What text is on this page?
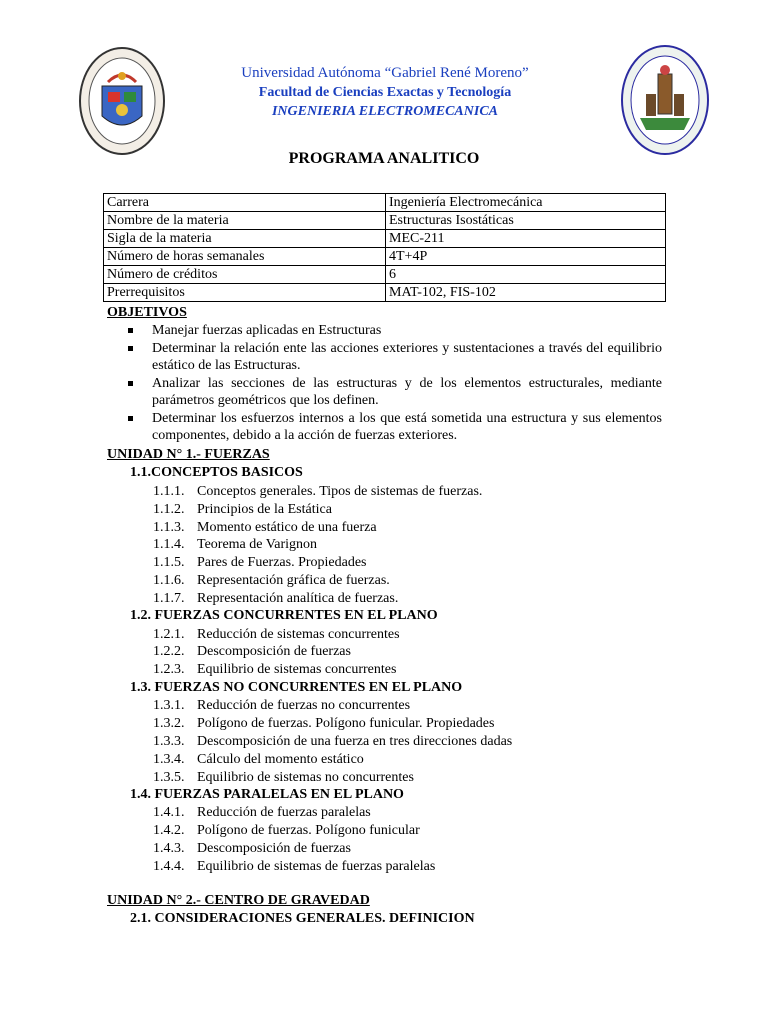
Universidad Autónoma “Gabriel René Moreno”
Facultad de Ciencias Exactas y Tecnología
INGENIERIA ELECTROMECANICA
PROGRAMA ANALITICO
Carrera	Ingeniería Electromecánica
Nombre de la materia	Estructuras Isostáticas
Sigla de la materia	MEC-211
Número de horas semanales	4T+4P
Número de créditos	6
Prerrequisitos	MAT-102, FIS-102
OBJETIVOS
Manejar fuerzas aplicadas en Estructuras
Determinar la relación ente las acciones exteriores y sustentaciones a través del equilibrio estático de las Estructuras.
Analizar las secciones de las estructuras y de los elementos estructurales, mediante parámetros geométricos que los definen.
Determinar los esfuerzos internos a los que está sometida una estructura y sus elementos componentes, debido a la acción de fuerzas exteriores.
UNIDAD N° 1.- FUERZAS
1.1.CONCEPTOS BASICOS
1.1.1. Conceptos generales. Tipos de sistemas de fuerzas.
1.1.2. Principios de la Estática
1.1.3. Momento estático de una fuerza
1.1.4. Teorema de Varignon
1.1.5. Pares de Fuerzas. Propiedades
1.1.6. Representación gráfica de fuerzas.
1.1.7. Representación analítica de fuerzas.
1.2. FUERZAS CONCURRENTES EN EL PLANO
1.2.1. Reducción de sistemas concurrentes
1.2.2. Descomposición de fuerzas
1.2.3. Equilibrio de sistemas concurrentes
1.3. FUERZAS NO CONCURRENTES EN EL PLANO
1.3.1. Reducción de fuerzas no concurrentes
1.3.2. Polígono de fuerzas. Polígono funicular. Propiedades
1.3.3. Descomposición de una fuerza en tres direcciones dadas
1.3.4. Cálculo del momento estático
1.3.5. Equilibrio de sistemas no concurrentes
1.4. FUERZAS PARALELAS EN EL PLANO
1.4.1. Reducción de fuerzas paralelas
1.4.2. Polígono de fuerzas. Polígono funicular
1.4.3. Descomposición de fuerzas
1.4.4. Equilibrio de sistemas de fuerzas paralelas
UNIDAD N° 2.- CENTRO DE GRAVEDAD
2.1. CONSIDERACIONES GENERALES. DEFINICION
